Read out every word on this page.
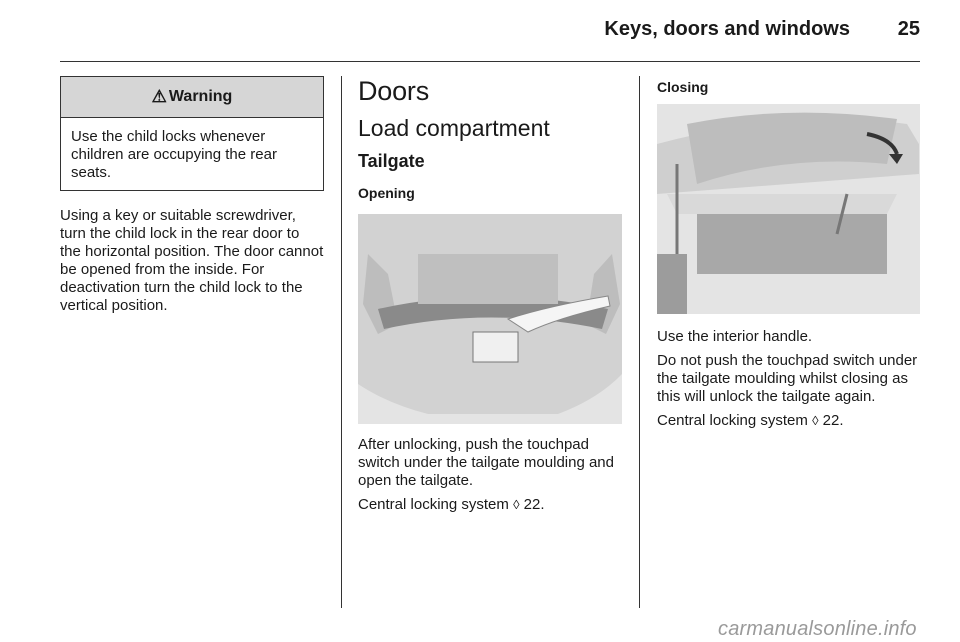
Keys, doors and windows	25
⚠ Warning
Use the child locks whenever children are occupying the rear seats.

Using a key or suitable screwdriver, turn the child lock in the rear door to the horizontal position. The door cannot be opened from the inside. For deactivation turn the child lock to the vertical position.

Doors
Load compartment
Tailgate
Opening

After unlocking, push the touchpad switch under the tailgate moulding and open the tailgate.

Central locking system ◊ 22.

Closing

Use the interior handle.

Do not push the touchpad switch under the tailgate moulding whilst closing as this will unlock the tailgate again.

Central locking system ◊ 22.

carmanualsonline.info
